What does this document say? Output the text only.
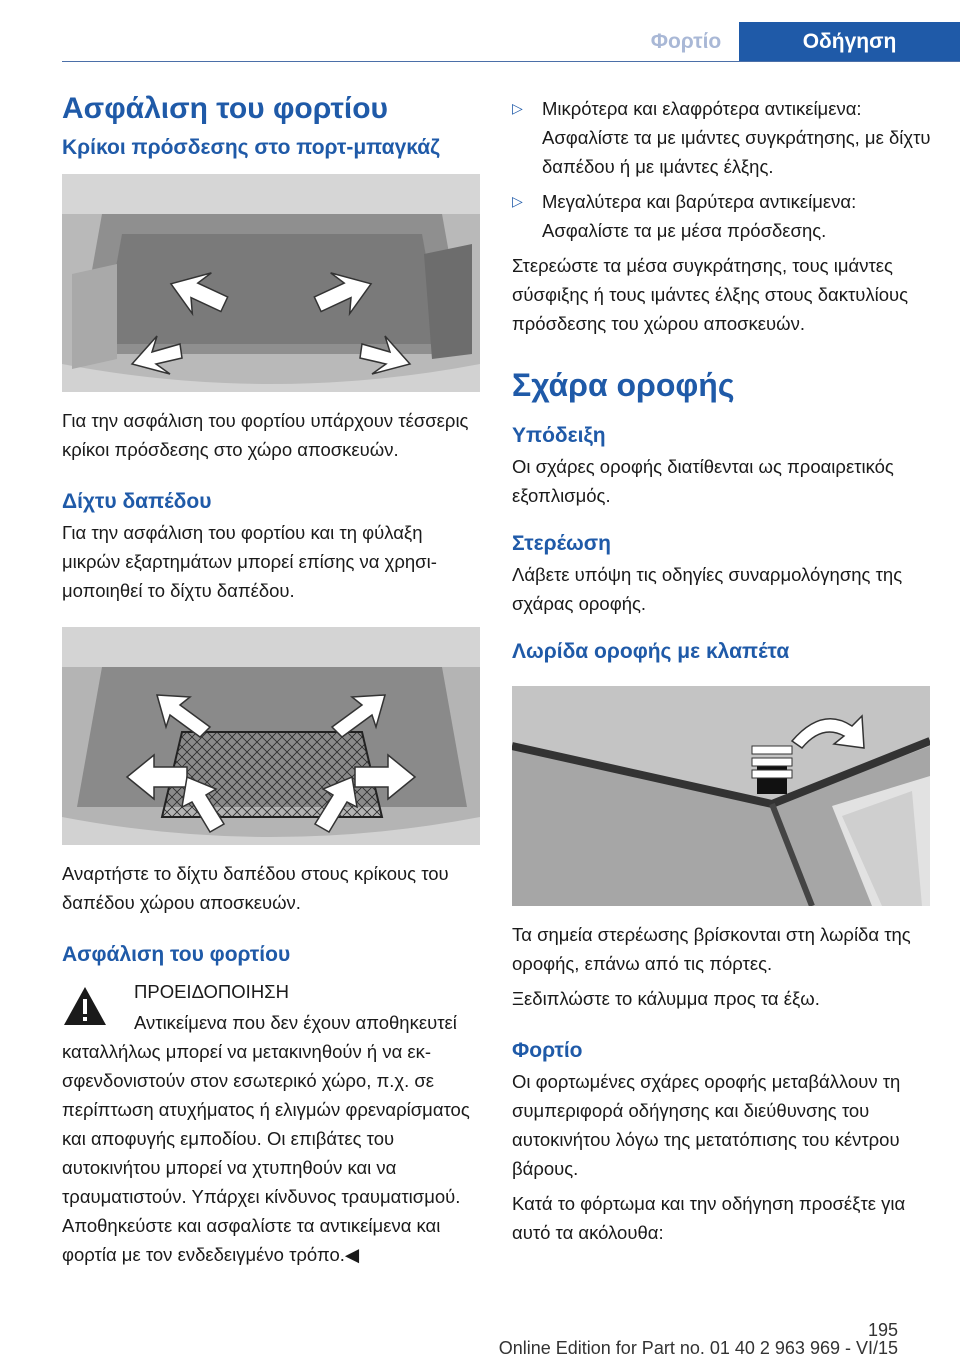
Φορτίο	Οδήγηση
Ασφάλιση του φορτίου
Κρίκοι πρόσδεσης στο πορτ-μπαγκάζ

Για την ασφάλιση του φορτίου υπάρχουν τέσσερις κρίκοι πρόσδεσης στο χώρο αποσκευών.

Δίχτυ δαπέδου

Για την ασφάλιση του φορτίου και τη φύλαξη μικρών εξαρτημάτων μπορεί επίσης να χρησιμοποιηθεί το δίχτυ δαπέδου.

Αναρτήστε το δίχτυ δαπέδου στους κρίκους του δαπέδου χώρου αποσκευών.

Ασφάλιση του φορτίου

ΠΡΟΕΙΔΟΠΟΙΗΣΗ

Αντικείμενα που δεν έχουν αποθηκευτεί καταλλήλως μπορεί να μετακινηθούν ή να εκσφενδονιστούν στον εσωτερικό χώρο, π.χ. σε περίπτωση ατυχήματος ή ελιγμών φρεναρίσματος και αποφυγής εμποδίου. Οι επιβάτες του αυτοκινήτου μπορεί να χτυπηθούν και να τραυματιστούν. Υπάρχει κίνδυνος τραυματισμού. Αποθηκεύστε και ασφαλίστε τα αντικείμενα και φορτία με τον ενδεδειγμένο τρόπο.◀

▷ Μικρότερα και ελαφρότερα αντικείμενα: Ασφαλίστε τα με ιμάντες συγκράτησης, με δίχτυ δαπέδου ή με ιμάντες έλξης.
▷ Μεγαλύτερα και βαρύτερα αντικείμενα: Ασφαλίστε τα με μέσα πρόσδεσης.

Στερεώστε τα μέσα συγκράτησης, τους ιμάντες σύσφιξης ή τους ιμάντες έλξης στους δακτυλίους πρόσδεσης του χώρου αποσκευών.

Σχάρα οροφής
Υπόδειξη

Οι σχάρες οροφής διατίθενται ως προαιρετικός εξοπλισμός.

Στερέωση

Λάβετε υπόψη τις οδηγίες συναρμολόγησης της σχάρας οροφής.

Λωρίδα οροφής με κλαπέτα

Τα σημεία στερέωσης βρίσκονται στη λωρίδα της οροφής, επάνω από τις πόρτες.

Ξεδιπλώστε το κάλυμμα προς τα έξω.

Φορτίο

Οι φορτωμένες σχάρες οροφής μεταβάλλουν τη συμπεριφορά οδήγησης και διεύθυνσης του αυτοκινήτου λόγω της μετατόπισης του κέντρου βάρους.

Κατά το φόρτωμα και την οδήγηση προσέξτε για αυτό τα ακόλουθα:

195
Online Edition for Part no. 01 40 2 963 969 - VI/15
